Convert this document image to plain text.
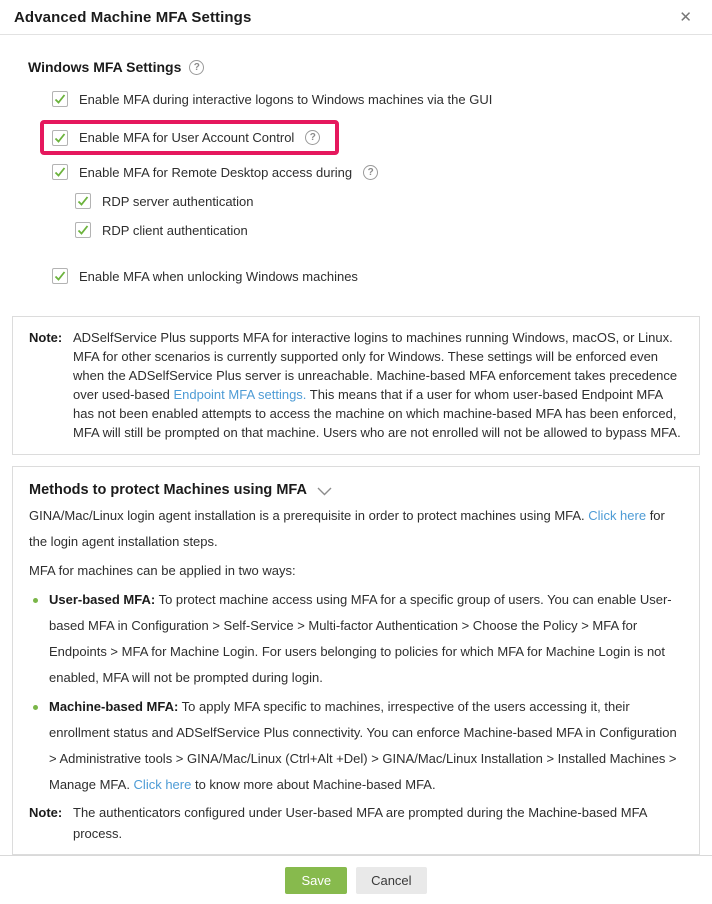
Advanced Machine MFA Settings	✕
Windows MFA Settings	?
Enable MFA during interactive logons to Windows machines via the GUI
Enable MFA for User Account Control	?
Enable MFA for Remote Desktop access during	?
RDP server authentication
RDP client authentication
Enable MFA when unlocking Windows machines
Note: ADSelfService Plus supports MFA for interactive logins to machines running Windows, macOS, or Linux. MFA for other scenarios is currently supported only for Windows. These settings will be enforced even when the ADSelfService Plus server is unreachable. Machine-based MFA enforcement takes precedence over used-based Endpoint MFA settings. This means that if a user for whom user-based Endpoint MFA has not been enabled attempts to access the machine on which machine-based MFA has been enforced, MFA will still be prompted on that machine. Users who are not enrolled will not be allowed to bypass MFA.
Methods to protect Machines using MFA
GINA/Mac/Linux login agent installation is a prerequisite in order to protect machines using MFA. Click here for the login agent installation steps.
MFA for machines can be applied in two ways:
User-based MFA: To protect machine access using MFA for a specific group of users. You can enable User-based MFA in Configuration > Self-Service > Multi-factor Authentication > Choose the Policy > MFA for Endpoints > MFA for Machine Login. For users belonging to policies for which MFA for Machine Login is not enabled, MFA will not be prompted during login.
Machine-based MFA: To apply MFA specific to machines, irrespective of the users accessing it, their enrollment status and ADSelfService Plus connectivity. You can enforce Machine-based MFA in Configuration > Administrative tools > GINA/Mac/Linux (Ctrl+Alt +Del) > GINA/Mac/Linux Installation > Installed Machines > Manage MFA. Click here to know more about Machine-based MFA.
Note: The authenticators configured under User-based MFA are prompted during the Machine-based MFA process.
Save	Cancel
